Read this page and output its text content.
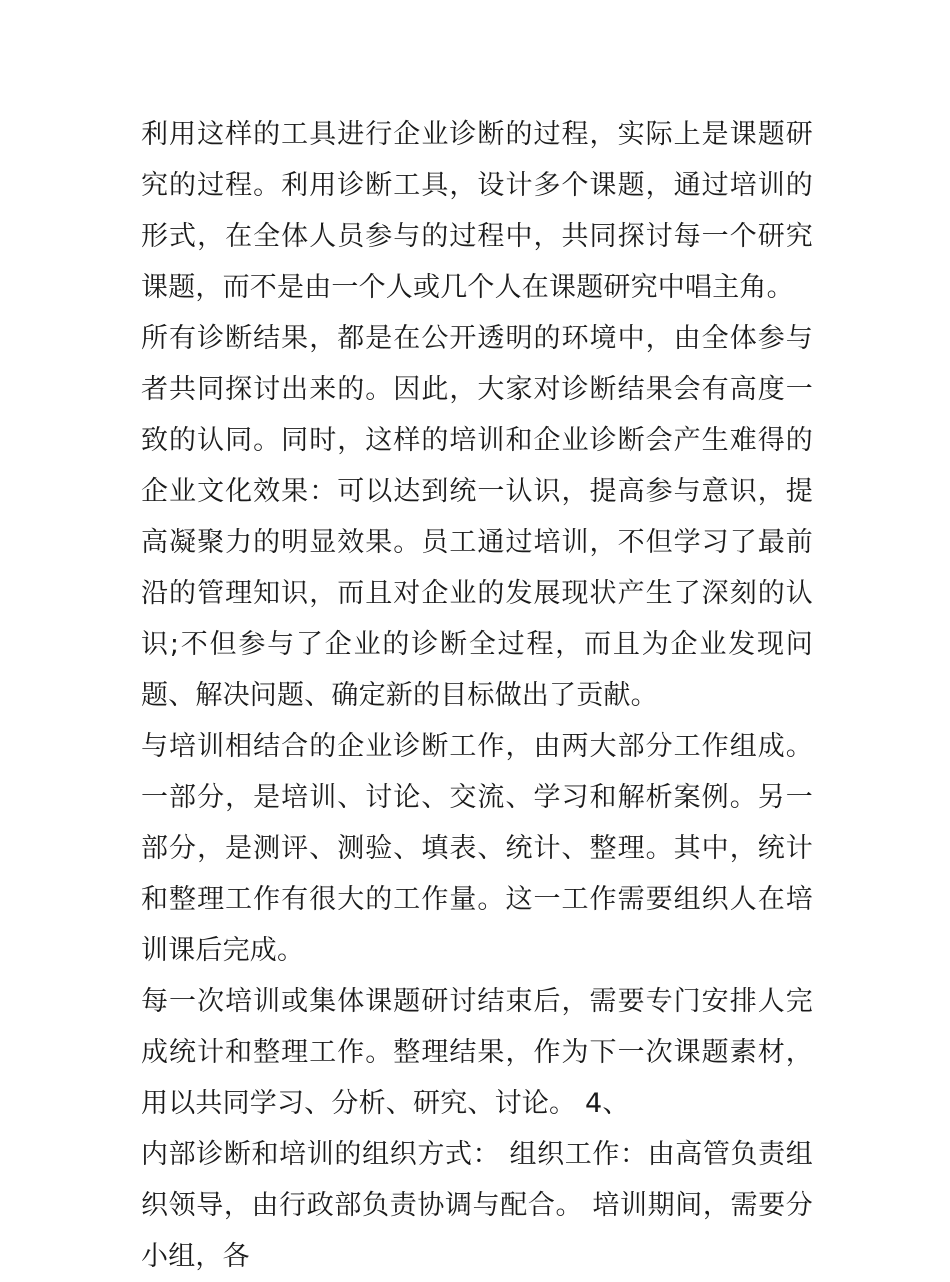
利用这样的工具进行企业诊断的过程，实际上是课题研究的过程。利用诊断工具，设计多个课题，通过培训的形式，在全体人员参与的过程中，共同探讨每一个研究课题，而不是由一个人或几个人在课题研究中唱主角。

所有诊断结果，都是在公开透明的环境中，由全体参与者共同探讨出来的。因此，大家对诊断结果会有高度一致的认同。同时，这样的培训和企业诊断会产生难得的企业文化效果：可以达到统一认识，提高参与意识，提高凝聚力的明显效果。员工通过培训，不但学习了最前沿的管理知识，而且对企业的发展现状产生了深刻的认识;不但参与了企业的诊断全过程，而且为企业发现问题、解决问题、确定新的目标做出了贡献。

与培训相结合的企业诊断工作，由两大部分工作组成。一部分，是培训、讨论、交流、学习和解析案例。另一部分，是测评、测验、填表、统计、整理。其中，统计和整理工作有很大的工作量。这一工作需要组织人在培训课后完成。

每一次培训或集体课题研讨结束后，需要专门安排人完成统计和整理工作。整理结果，作为下一次课题素材，用以共同学习、分析、研究、讨论。 4、

内部诊断和培训的组织方式： 组织工作：由高管负责组织领导，由行政部负责协调与配合。 培训期间，需要分小组，各
